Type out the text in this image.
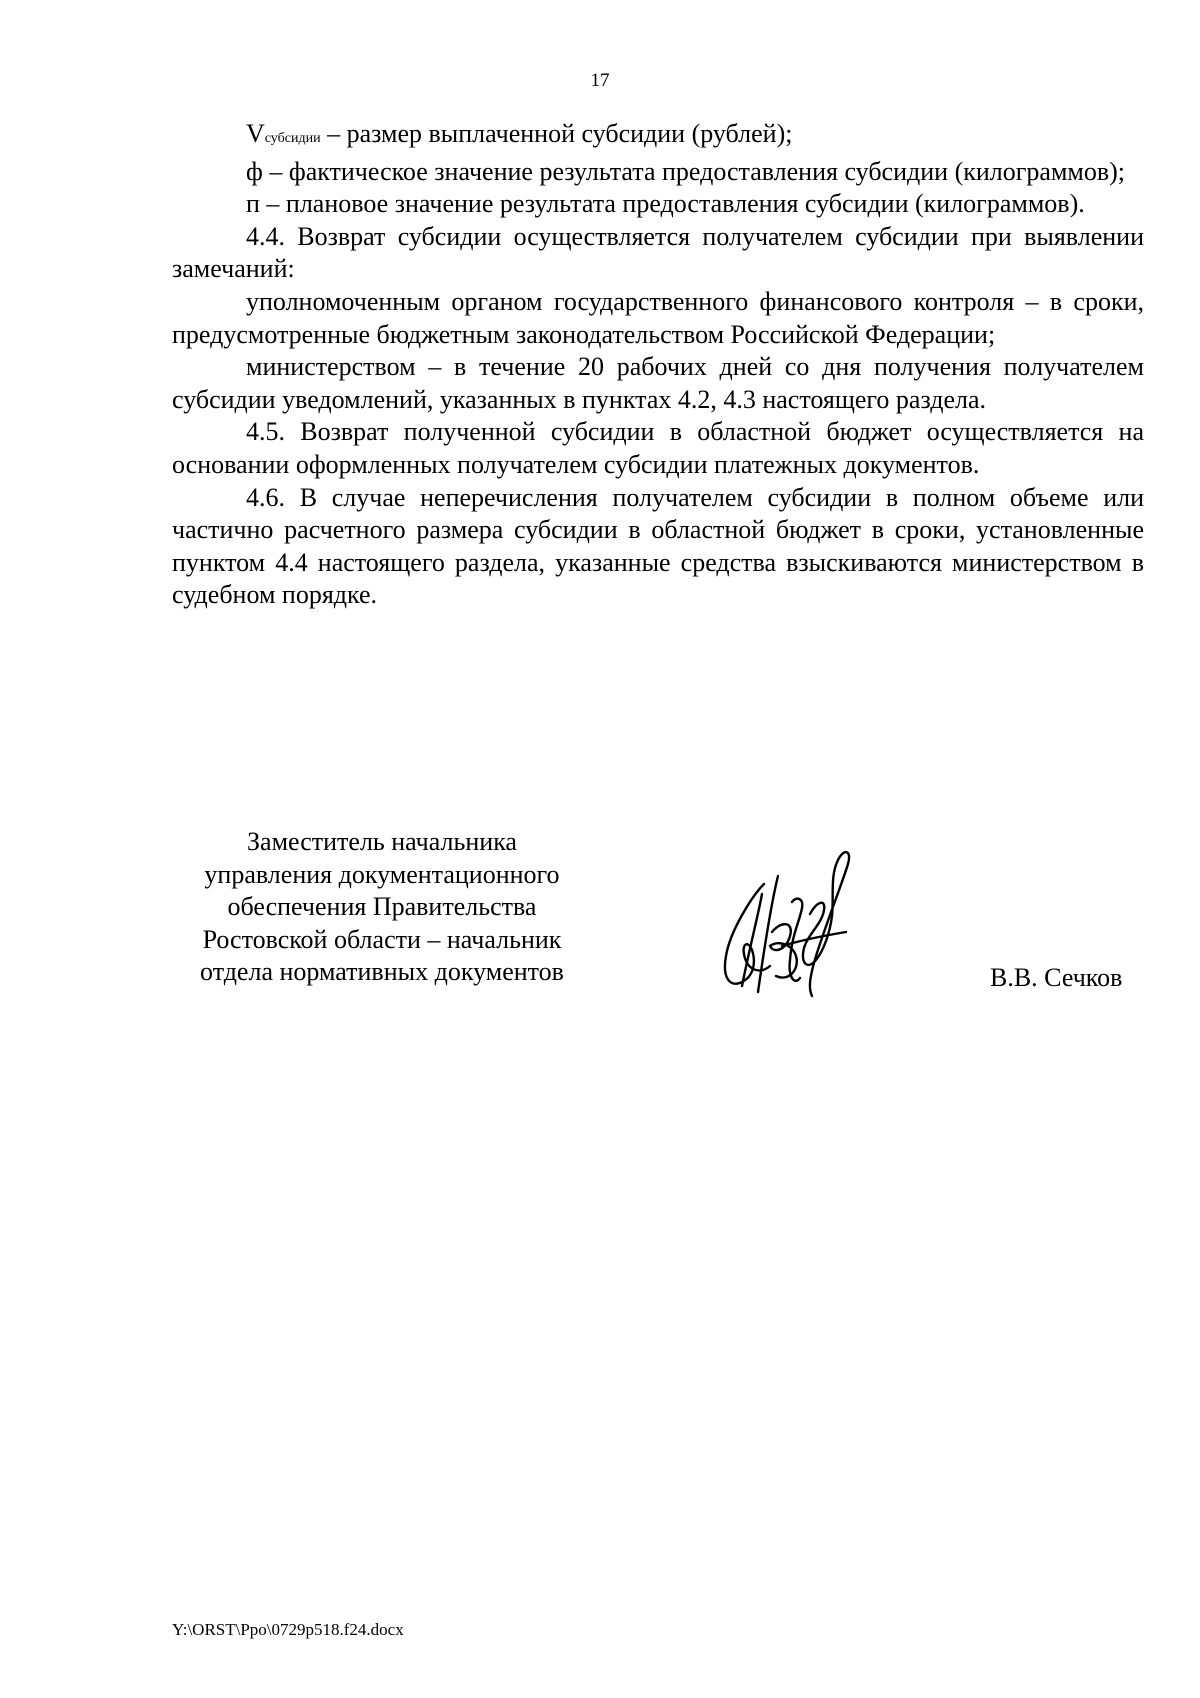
17

Vсубсидии – размер выплаченной субсидии (рублей);

ф – фактическое значение результата предоставления субсидии (килограммов);

п – плановое значение результата предоставления субсидии (килограммов).

4.4. Возврат субсидии осуществляется получателем субсидии при выявлении замечаний:

уполномоченным органом государственного финансового контроля – в сроки, предусмотренные бюджетным законодательством Российской Федерации;

министерством – в течение 20 рабочих дней со дня получения получателем субсидии уведомлений, указанных в пунктах 4.2, 4.3 настоящего раздела.

4.5. Возврат полученной субсидии в областной бюджет осуществляется на основании оформленных получателем субсидии платежных документов.

4.6. В случае неперечисления получателем субсидии в полном объеме или частично расчетного размера субсидии в областной бюджет в сроки, установленные пунктом 4.4 настоящего раздела, указанные средства взыскиваются министерством в судебном порядке.

Заместитель начальника
управления документационного
обеспечения Правительства
Ростовской области – начальник
отдела нормативных документов	В.В. Сечков
Y:\ORST\Ppo\0729p518.f24.docx
